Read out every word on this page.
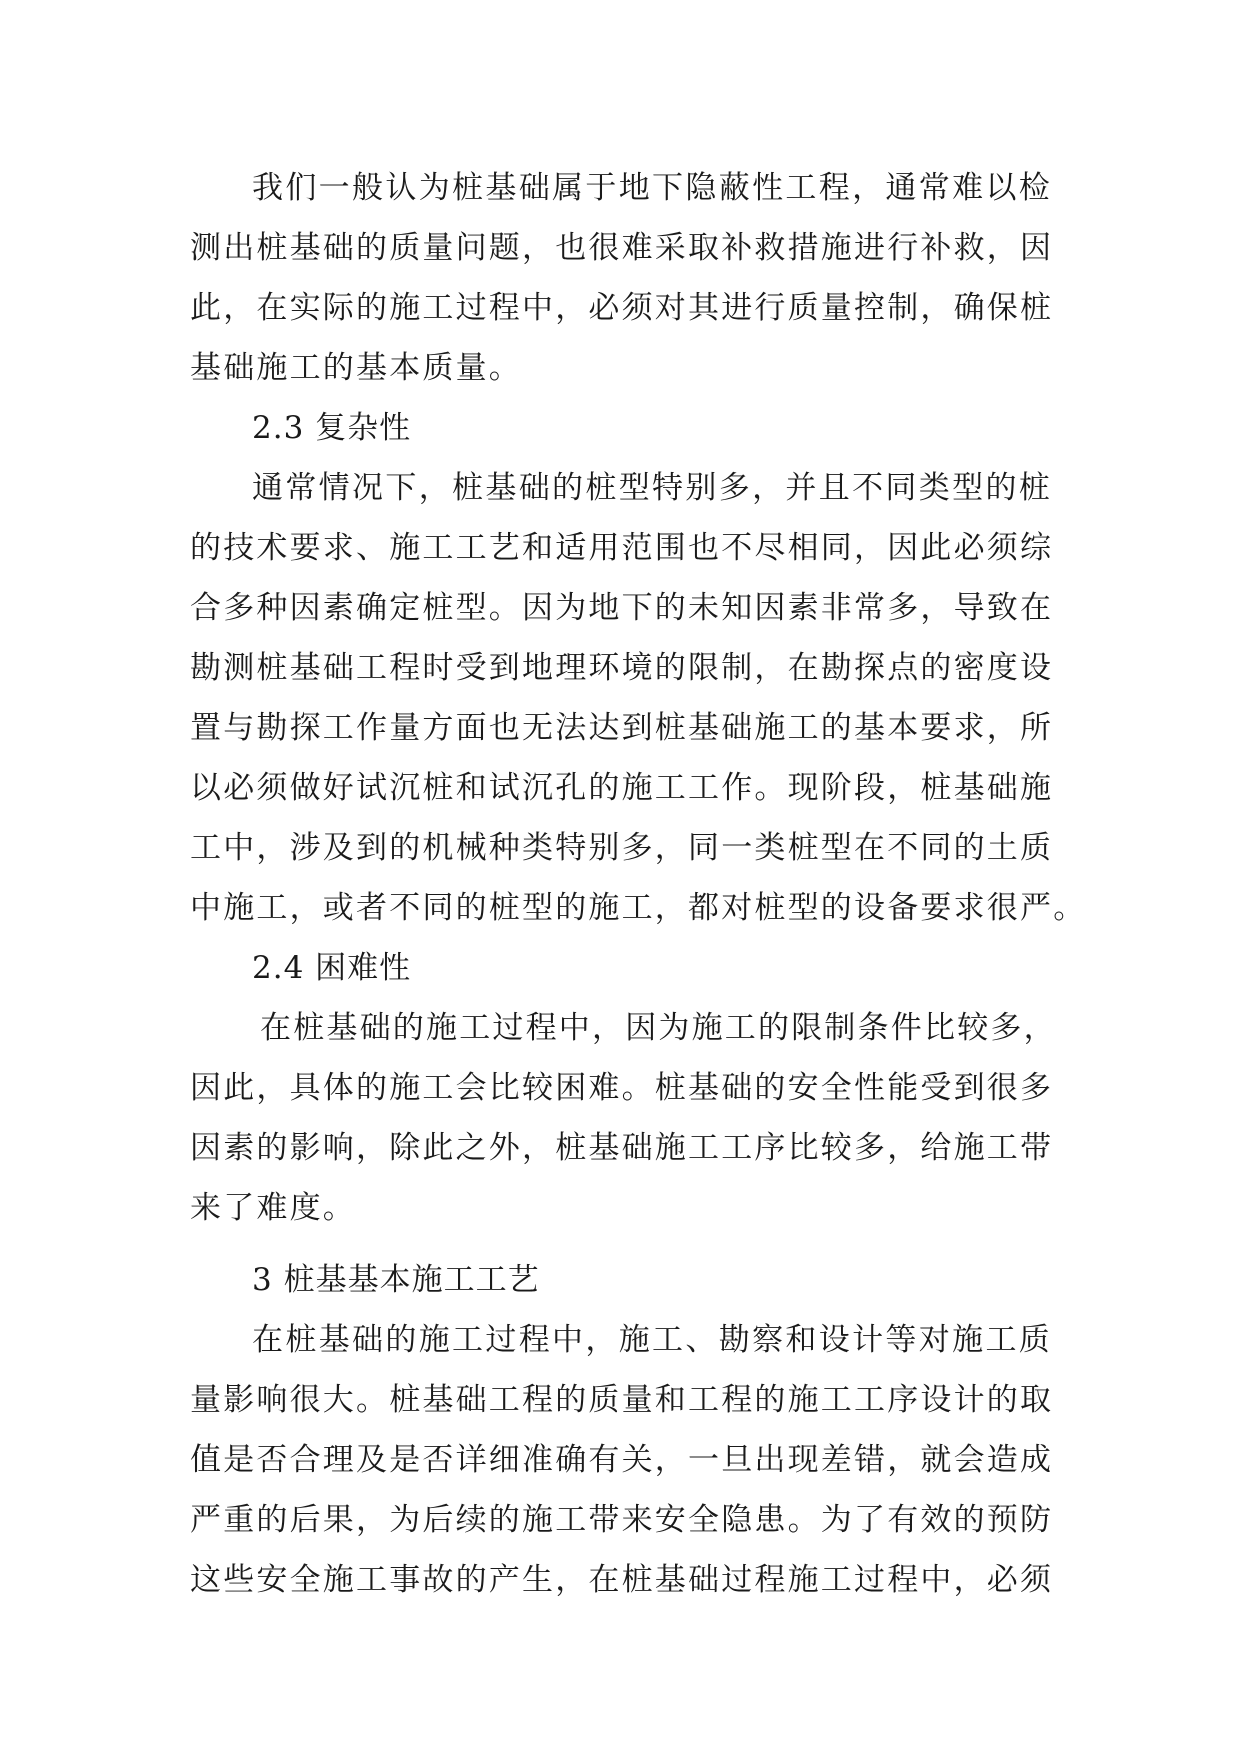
我们一般认为桩基础属于地下隐蔽性工程，通常难以检
测出桩基础的质量问题，也很难采取补救措施进行补救，因
此，在实际的施工过程中，必须对其进行质量控制，确保桩
基础施工的基本质量。
2.3 复杂性
通常情况下，桩基础的桩型特别多，并且不同类型的桩
的技术要求、施工工艺和适用范围也不尽相同，因此必须综
合多种因素确定桩型。因为地下的未知因素非常多，导致在
勘测桩基础工程时受到地理环境的限制，在勘探点的密度设
置与勘探工作量方面也无法达到桩基础施工的基本要求，所
以必须做好试沉桩和试沉孔的施工工作。现阶段，桩基础施
工中，涉及到的机械种类特别多，同一类桩型在不同的土质
中施工，或者不同的桩型的施工，都对桩型的设备要求很严。
2.4 困难性
在桩基础的施工过程中，因为施工的限制条件比较多，
因此，具体的施工会比较困难。桩基础的安全性能受到很多
因素的影响，除此之外，桩基础施工工序比较多，给施工带
来了难度。
3 桩基基本施工工艺
在桩基础的施工过程中，施工、勘察和设计等对施工质
量影响很大。桩基础工程的质量和工程的施工工序设计的取
值是否合理及是否详细准确有关，一旦出现差错，就会造成
严重的后果，为后续的施工带来安全隐患。为了有效的预防
这些安全施工事故的产生，在桩基础过程施工过程中，必须
